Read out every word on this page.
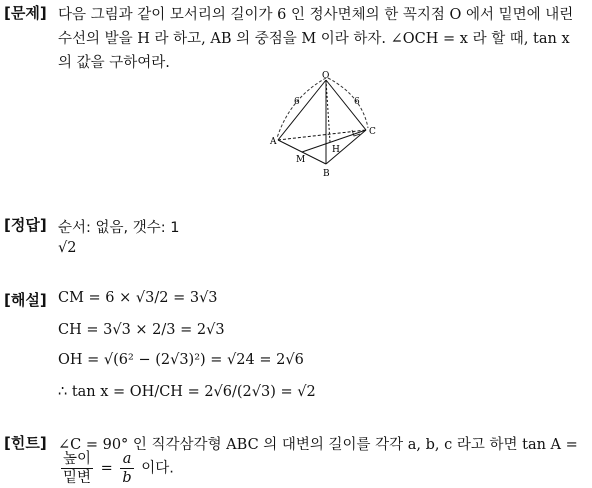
[문제] 다음 그림과 같이 모서리의 길이가 6 인 정사면체의 한 꼭지점 O 에서 밑면에 내린
수선의 발을 H 라 하고, AB 의 중점을 M 이라 하자. ∠OCH = x 라 할 때, tan x
의 값을 구하여라.
O
A
B
C
M
H
6	6
[정답] 순서: 없음, 갯수: 1
√2
[해설] CM = 6 × √3/2 = 3√3
CH = 3√3 × 2/3 = 2√3
OH = √(6² − (2√3)²) = √24 = 2√6
∴ tan x = OH/CH = 2√6/(2√3) = √2
[힌트] ∠C = 90° 인 직각삼각형 ABC 의 대변의 길이를 각각 a, b, c 라고 하면 tan A =
$\frac{\text{높이}}{\text{밑변}} = \frac{a}{b}$ 이다.
